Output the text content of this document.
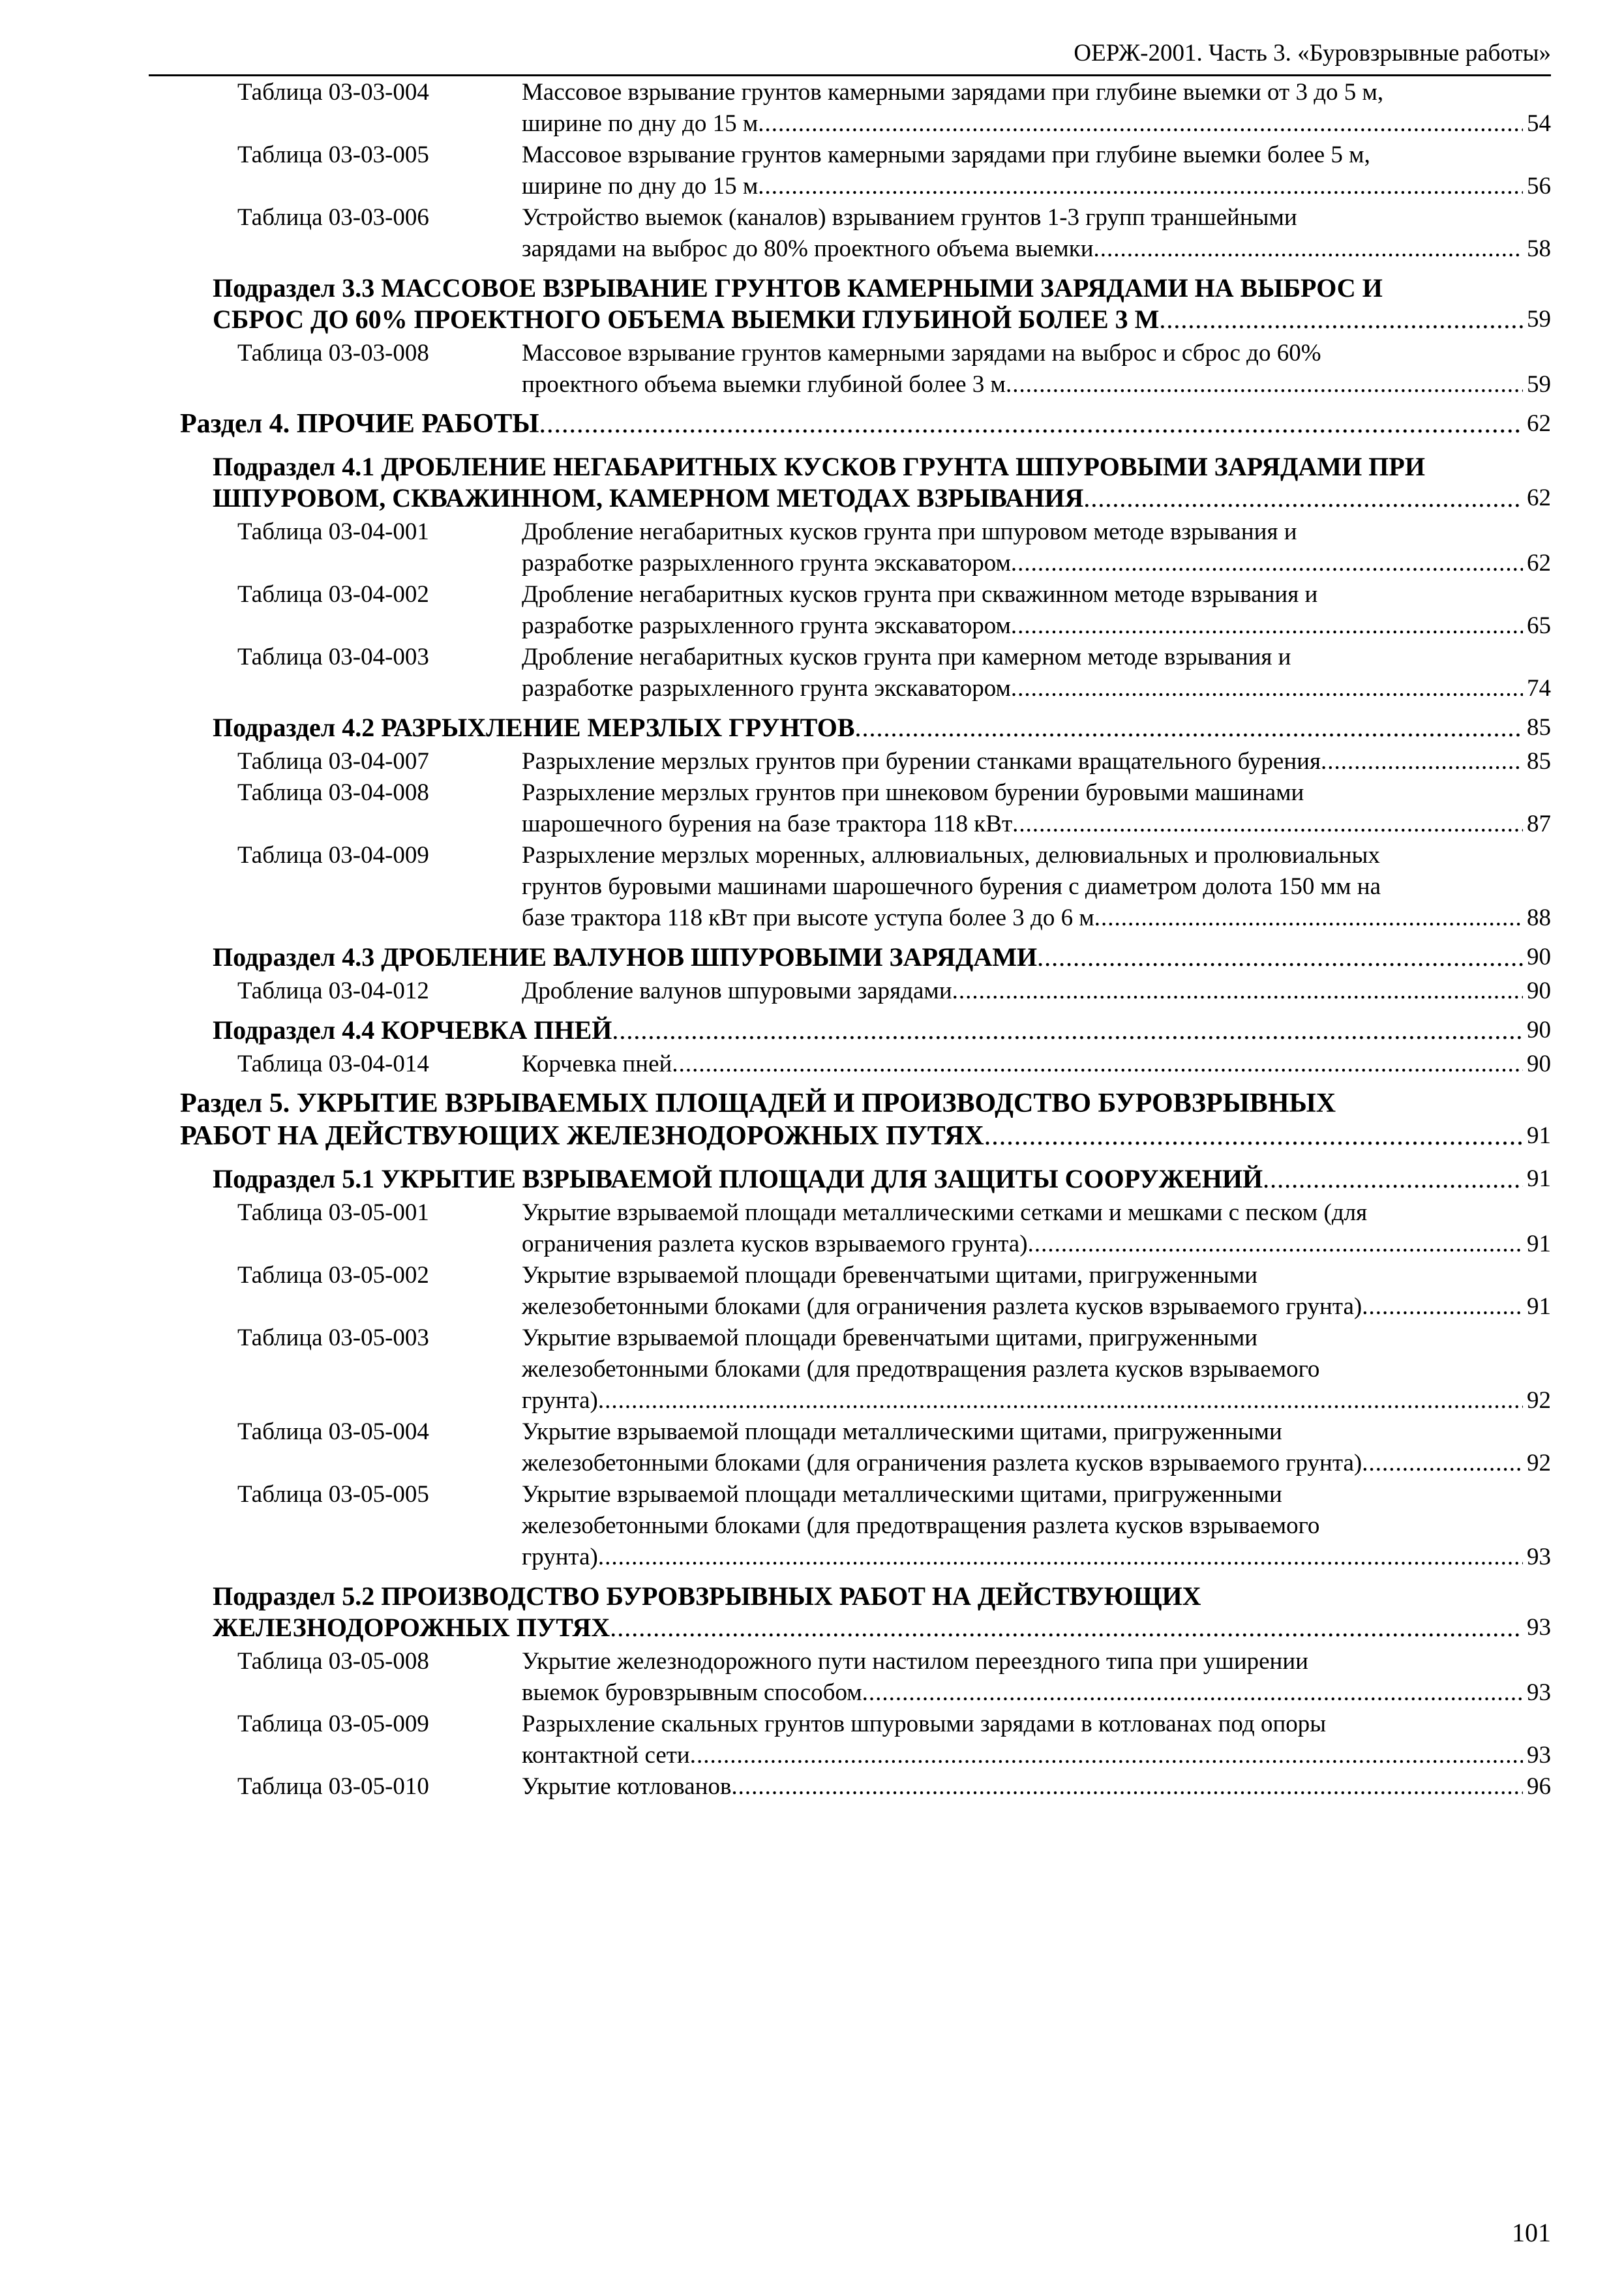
ОЕРЖ-2001. Часть 3. «Буровзрывные работы»
Таблица 03-03-004	Массовое взрывание грунтов камерными зарядами при глубине выемки от 3 до 5 м,
ширине по дну до 15 м .....	54
Таблица 03-03-005	Массовое взрывание грунтов камерными зарядами при глубине выемки более 5 м,
ширине по дну до 15 м .....	56
Таблица 03-03-006	Устройство выемок (каналов) взрыванием грунтов 1-3 групп траншейными
зарядами на выброс до 80% проектного объема выемки .....	58
Подраздел 3.3 МАССОВОЕ ВЗРЫВАНИЕ ГРУНТОВ КАМЕРНЫМИ ЗАРЯДАМИ НА ВЫБРОС И
СБРОС ДО 60% ПРОЕКТНОГО ОБЪЕМА ВЫЕМКИ ГЛУБИНОЙ БОЛЕЕ 3 М .....	59
Таблица 03-03-008	Массовое взрывание грунтов камерными зарядами на выброс и сброс до 60%
проектного объема выемки глубиной более 3 м .....	59
Раздел 4. ПРОЧИЕ РАБОТЫ .....	62
Подраздел 4.1 ДРОБЛЕНИЕ НЕГАБАРИТНЫХ КУСКОВ ГРУНТА ШПУРОВЫМИ ЗАРЯДАМИ ПРИ
ШПУРОВОМ, СКВАЖИННОМ, КАМЕРНОМ МЕТОДАХ ВЗРЫВАНИЯ .....	62
Таблица 03-04-001	Дробление негабаритных кусков грунта при шпуровом методе взрывания и
разработке разрыхленного грунта экскаватором .....	62
Таблица 03-04-002	Дробление негабаритных кусков грунта при скважинном методе взрывания и
разработке разрыхленного грунта экскаватором .....	65
Таблица 03-04-003	Дробление негабаритных кусков грунта при камерном методе взрывания и
разработке разрыхленного грунта экскаватором .....	74
Подраздел 4.2 РАЗРЫХЛЕНИЕ МЕРЗЛЫХ ГРУНТОВ .....	85
Таблица 03-04-007	Разрыхление мерзлых грунтов при бурении станками вращательного бурения .....	85
Таблица 03-04-008	Разрыхление мерзлых грунтов при шнековом бурении буровыми машинами
шарошечного бурения на базе трактора 118 кВт .....	87
Таблица 03-04-009	Разрыхление мерзлых моренных, аллювиальных, делювиальных и пролювиальных
грунтов буровыми машинами шарошечного бурения с диаметром долота 150 мм на
базе трактора 118 кВт при высоте уступа более 3 до 6 м .....	88
Подраздел 4.3 ДРОБЛЕНИЕ ВАЛУНОВ ШПУРОВЫМИ ЗАРЯДАМИ .....	90
Таблица 03-04-012	Дробление валунов шпуровыми зарядами .....	90
Подраздел 4.4 КОРЧЕВКА ПНЕЙ .....	90
Таблица 03-04-014	Корчевка пней .....	90
Раздел 5. УКРЫТИЕ ВЗРЫВАЕМЫХ ПЛОЩАДЕЙ И ПРОИЗВОДСТВО БУРОВЗРЫВНЫХ
РАБОТ НА ДЕЙСТВУЮЩИХ ЖЕЛЕЗНОДОРОЖНЫХ ПУТЯХ .....	91
Подраздел 5.1 УКРЫТИЕ ВЗРЫВАЕМОЙ ПЛОЩАДИ ДЛЯ ЗАЩИТЫ СООРУЖЕНИЙ .....	91
Таблица 03-05-001	Укрытие взрываемой площади металлическими сетками и мешками с песком (для
ограничения разлета кусков взрываемого грунта) .....	91
Таблица 03-05-002	Укрытие взрываемой площади бревенчатыми щитами, пригруженными
железобетонными блоками (для ограничения разлета кусков взрываемого грунта) .....	91
Таблица 03-05-003	Укрытие взрываемой площади бревенчатыми щитами, пригруженными
железобетонными блоками (для предотвращения разлета кусков взрываемого
грунта) .....	92
Таблица 03-05-004	Укрытие взрываемой площади металлическими щитами, пригруженными
железобетонными блоками (для ограничения разлета кусков взрываемого грунта) .....	92
Таблица 03-05-005	Укрытие взрываемой площади металлическими щитами, пригруженными
железобетонными блоками (для предотвращения разлета кусков взрываемого
грунта) .....	93
Подраздел 5.2 ПРОИЗВОДСТВО БУРОВЗРЫВНЫХ РАБОТ НА ДЕЙСТВУЮЩИХ
ЖЕЛЕЗНОДОРОЖНЫХ ПУТЯХ .....	93
Таблица 03-05-008	Укрытие железнодорожного пути настилом переездного типа при уширении
выемок буровзрывным способом .....	93
Таблица 03-05-009	Разрыхление скальных грунтов шпуровыми зарядами в котлованах под опоры
контактной сети .....	93
Таблица 03-05-010	Укрытие котлованов .....	96
101
